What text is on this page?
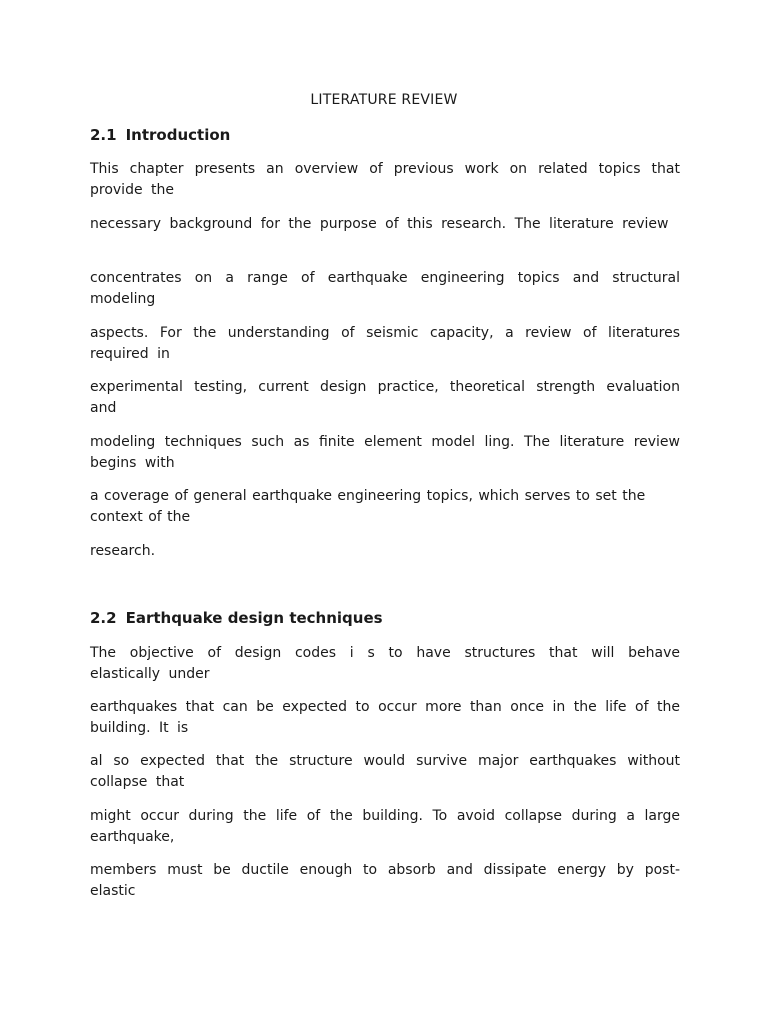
LITERATURE REVIEW
2.1 Introduction

This chapter presents an overview of previous work on related topics that provide the

necessary background for the purpose of this research. The literature review

concentrates on a range of earthquake engineering topics and structural modeling

aspects. For the understanding of seismic capacity, a review of literatures required in

experimental testing, current design practice, theoretical strength evaluation and

modeling techniques such as finite element model ling. The literature review begins with

a coverage of general earthquake engineering topics, which serves to set the context of the

research.

2.2 Earthquake design techniques

The objective of design codes i s to have structures that will behave elastically under

earthquakes that can be expected to occur more than once in the life of the building. It is

al so expected that the structure would survive major earthquakes without collapse that

might occur during the life of the building. To avoid collapse during a large earthquake,

members must be ductile enough to absorb and dissipate energy by post-elastic
